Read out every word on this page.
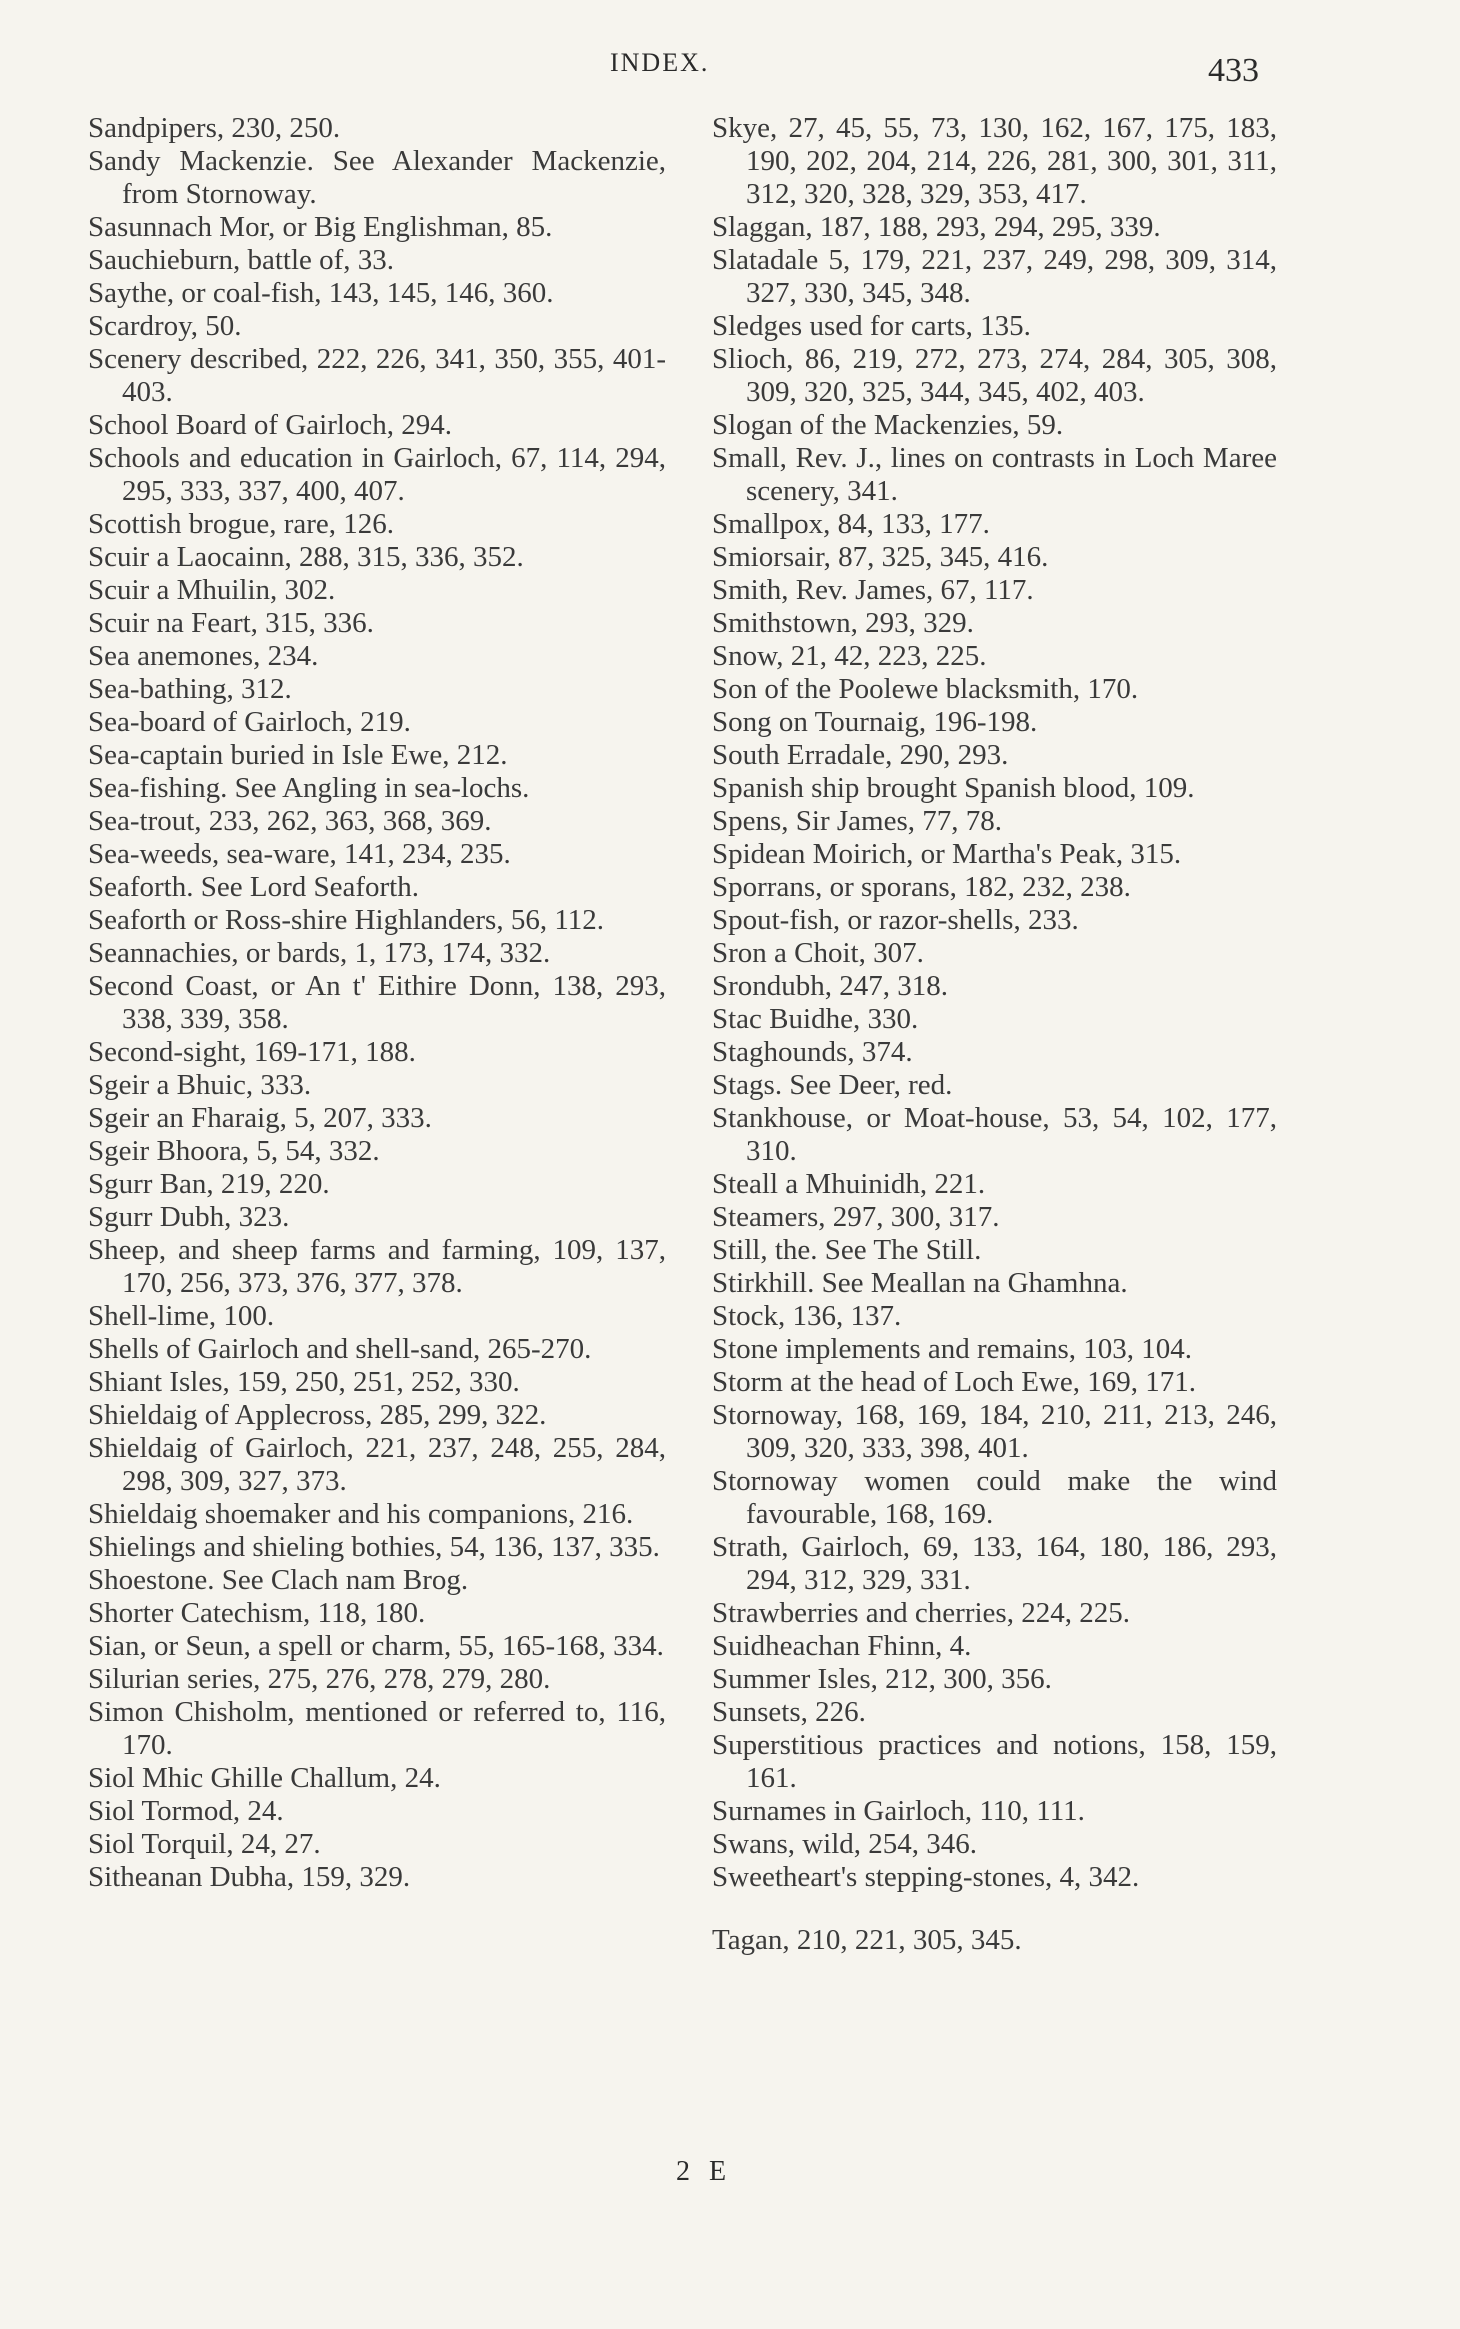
INDEX.	433

Sandpipers, 230, 250.

Sandy Mackenzie. See Alexander Mackenzie, from Stornoway.

Sasunnach Mor, or Big Englishman, 85.

Sauchieburn, battle of, 33.

Saythe, or coal-fish, 143, 145, 146, 360.

Scardroy, 50.

Scenery described, 222, 226, 341, 350, 355, 401-403.

School Board of Gairloch, 294.

Schools and education in Gairloch, 67, 114, 294, 295, 333, 337, 400, 407.

Scottish brogue, rare, 126.

Scuir a Laocainn, 288, 315, 336, 352.

Scuir a Mhuilin, 302.

Scuir na Feart, 315, 336.

Sea anemones, 234.

Sea-bathing, 312.

Sea-board of Gairloch, 219.

Sea-captain buried in Isle Ewe, 212.

Sea-fishing. See Angling in sea-lochs.

Sea-trout, 233, 262, 363, 368, 369.

Sea-weeds, sea-ware, 141, 234, 235.

Seaforth. See Lord Seaforth.

Seaforth or Ross-shire Highlanders, 56, 112.

Seannachies, or bards, 1, 173, 174, 332.

Second Coast, or An t' Eithire Donn, 138, 293, 338, 339, 358.

Second-sight, 169-171, 188.

Sgeir a Bhuic, 333.

Sgeir an Fharaig, 5, 207, 333.

Sgeir Bhoora, 5, 54, 332.

Sgurr Ban, 219, 220.

Sgurr Dubh, 323.

Sheep, and sheep farms and farming, 109, 137, 170, 256, 373, 376, 377, 378.

Shell-lime, 100.

Shells of Gairloch and shell-sand, 265-270.

Shiant Isles, 159, 250, 251, 252, 330.

Shieldaig of Applecross, 285, 299, 322.

Shieldaig of Gairloch, 221, 237, 248, 255, 284, 298, 309, 327, 373.

Shieldaig shoemaker and his companions, 216.

Shielings and shieling bothies, 54, 136, 137, 335.

Shoestone. See Clach nam Brog.

Shorter Catechism, 118, 180.

Sian, or Seun, a spell or charm, 55, 165-168, 334.

Silurian series, 275, 276, 278, 279, 280.

Simon Chisholm, mentioned or referred to, 116, 170.

Siol Mhic Ghille Challum, 24.

Siol Tormod, 24.

Siol Torquil, 24, 27.

Sitheanan Dubha, 159, 329.

Skye, 27, 45, 55, 73, 130, 162, 167, 175, 183, 190, 202, 204, 214, 226, 281, 300, 301, 311, 312, 320, 328, 329, 353, 417.

Slaggan, 187, 188, 293, 294, 295, 339.

Slatadale 5, 179, 221, 237, 249, 298, 309, 314, 327, 330, 345, 348.

Sledges used for carts, 135.

Slioch, 86, 219, 272, 273, 274, 284, 305, 308, 309, 320, 325, 344, 345, 402, 403.

Slogan of the Mackenzies, 59.

Small, Rev. J., lines on contrasts in Loch Maree scenery, 341.

Smallpox, 84, 133, 177.

Smiorsair, 87, 325, 345, 416.

Smith, Rev. James, 67, 117.

Smithstown, 293, 329.

Snow, 21, 42, 223, 225.

Son of the Poolewe blacksmith, 170.

Song on Tournaig, 196-198.

South Erradale, 290, 293.

Spanish ship brought Spanish blood, 109.

Spens, Sir James, 77, 78.

Spidean Moirich, or Martha's Peak, 315.

Sporrans, or sporans, 182, 232, 238.

Spout-fish, or razor-shells, 233.

Sron a Choit, 307.

Srondubh, 247, 318.

Stac Buidhe, 330.

Staghounds, 374.

Stags. See Deer, red.

Stankhouse, or Moat-house, 53, 54, 102, 177, 310.

Steall a Mhuinidh, 221.

Steamers, 297, 300, 317.

Still, the. See The Still.

Stirkhill. See Meallan na Ghamhna.

Stock, 136, 137.

Stone implements and remains, 103, 104.

Storm at the head of Loch Ewe, 169, 171.

Stornoway, 168, 169, 184, 210, 211, 213, 246, 309, 320, 333, 398, 401.

Stornoway women could make the wind favourable, 168, 169.

Strath, Gairloch, 69, 133, 164, 180, 186, 293, 294, 312, 329, 331.

Strawberries and cherries, 224, 225.

Suidheachan Fhinn, 4.

Summer Isles, 212, 300, 356.

Sunsets, 226.

Superstitious practices and notions, 158, 159, 161.

Surnames in Gairloch, 110, 111.

Swans, wild, 254, 346.

Sweetheart's stepping-stones, 4, 342.

Tagan, 210, 221, 305, 345.

2 E
